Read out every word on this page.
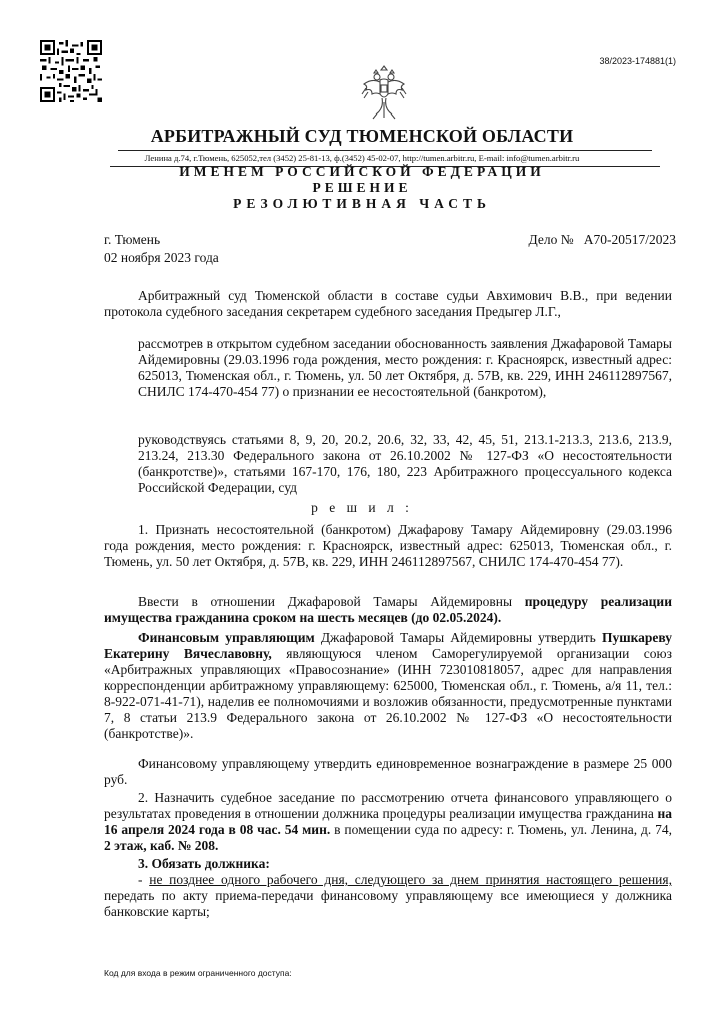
38/2023-174881(1)
АРБИТРАЖНЫЙ СУД ТЮМЕНСКОЙ ОБЛАСТИ
Ленина д.74, г.Тюмень, 625052,тел (3452) 25-81-13, ф.(3452) 45-02-07, http://tumen.arbitr.ru, E-mail: info@tumen.arbitr.ru
ИМЕНЕМ РОССИЙСКОЙ ФЕДЕРАЦИИ
РЕШЕНИЕ
РЕЗОЛЮТИВНАЯ ЧАСТЬ
г. Тюмень
02 ноября 2023 года
Дело № А70-20517/2023

Арбитражный суд Тюменской области в составе судьи Авхимович В.В., при ведении протокола судебного заседания секретарем судебного заседания Предыгер Л.Г.,

рассмотрев в открытом судебном заседании обоснованность заявления Джафаровой Тамары Айдемировны (29.03.1996 года рождения, место рождения: г. Красноярск, известный адрес: 625013, Тюменская обл., г. Тюмень, ул. 50 лет Октября, д. 57В, кв. 229, ИНН 246112897567, СНИЛС 174-470-454 77) о признании ее несостоятельной (банкротом),

руководствуясь статьями 8, 9, 20, 20.2, 20.6, 32, 33, 42, 45, 51, 213.1-213.3, 213.6, 213.9, 213.24, 213.30 Федерального закона от 26.10.2002 № 127-ФЗ «О несостоятельности (банкротстве)», статьями 167-170, 176, 180, 223 Арбитражного процессуального кодекса Российской Федерации, суд

р е ш и л :

1. Признать несостоятельной (банкротом) Джафарову Тамару Айдемировну (29.03.1996 года рождения, место рождения: г. Красноярск, известный адрес: 625013, Тюменская обл., г. Тюмень, ул. 50 лет Октября, д. 57В, кв. 229, ИНН 246112897567, СНИЛС 174-470-454 77).

Ввести в отношении Джафаровой Тамары Айдемировны процедуру реализации имущества гражданина сроком на шесть месяцев (до 02.05.2024).

Финансовым управляющим Джафаровой Тамары Айдемировны утвердить Пушкареву Екатерину Вячеславовну, являющуюся членом Саморегулируемой организации союз «Арбитражных управляющих «Правосознание» (ИНН 723010818057, адрес для направления корреспонденции арбитражному управляющему: 625000, Тюменская обл., г. Тюмень, а/я 11, тел.: 8-922-071-41-71), наделив ее полномочиями и возложив обязанности, предусмотренные пунктами 7, 8 статьи 213.9 Федерального закона от 26.10.2002 № 127-ФЗ «О несостоятельности (банкротстве)».

Финансовому управляющему утвердить единовременное вознаграждение в размере 25 000 руб.

2. Назначить судебное заседание по рассмотрению отчета финансового управляющего о результатах проведения в отношении должника процедуры реализации имущества гражданина на 16 апреля 2024 года в 08 час. 54 мин. в помещении суда по адресу: г. Тюмень, ул. Ленина, д. 74, 2 этаж, каб. № 208.

3. Обязать должника:

- не позднее одного рабочего дня, следующего за днем принятия настоящего решения, передать по акту приема-передачи финансовому управляющему все имеющиеся у должника банковские карты;

Код для входа в режим ограниченного доступа:
